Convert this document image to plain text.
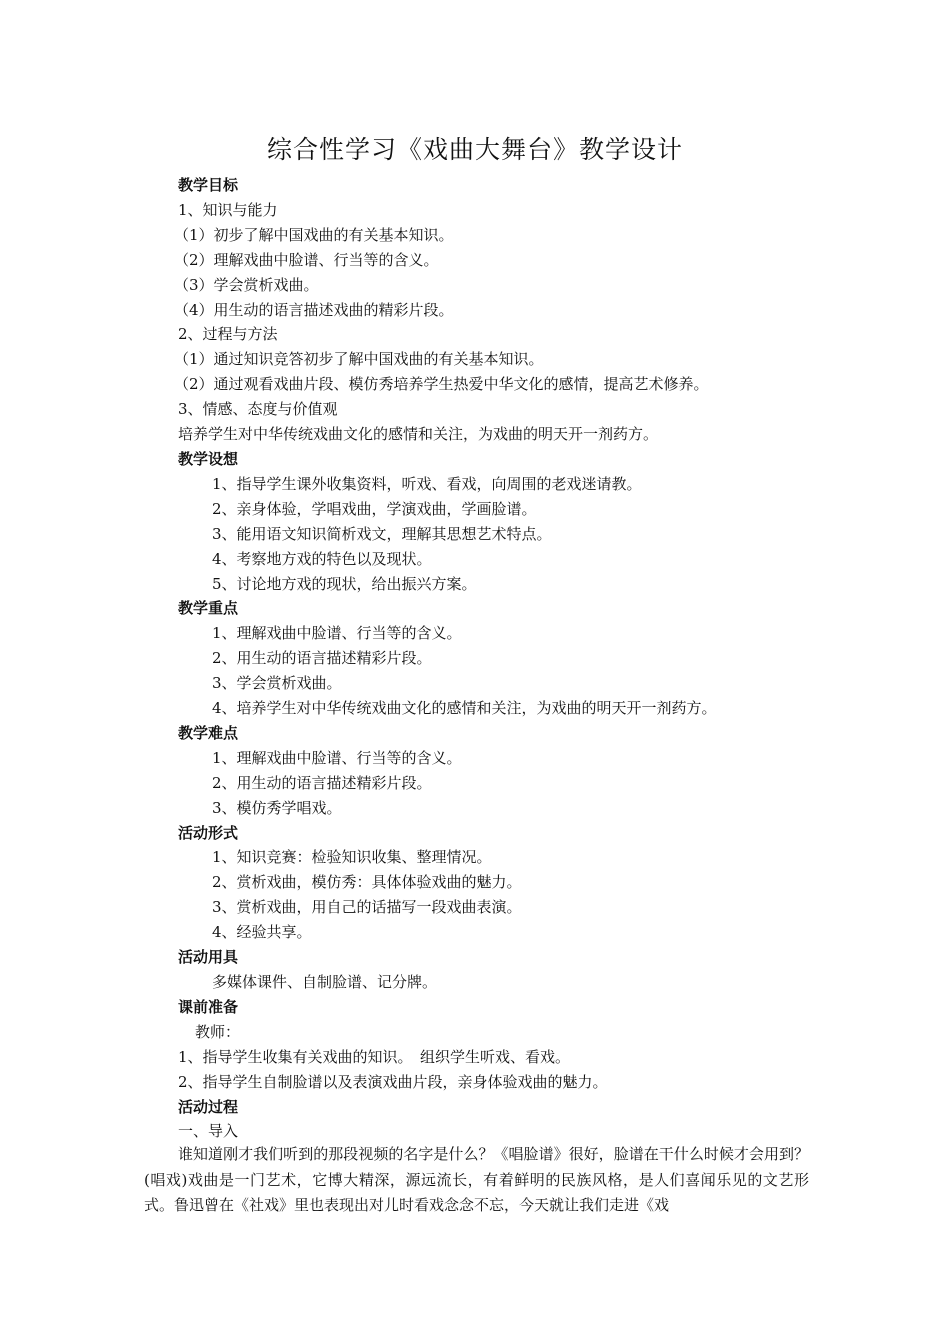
综合性学习《戏曲大舞台》教学设计

教学目标

1、知识与能力

（1）初步了解中国戏曲的有关基本知识。

（2）理解戏曲中脸谱、行当等的含义。

（3）学会赏析戏曲。

（4）用生动的语言描述戏曲的精彩片段。

2、过程与方法

（1）通过知识竞答初步了解中国戏曲的有关基本知识。

（2）通过观看戏曲片段、模仿秀培养学生热爱中华文化的感情，提高艺术修养。

3、情感、态度与价值观

培养学生对中华传统戏曲文化的感情和关注，为戏曲的明天开一剂药方。

教学设想

1、指导学生课外收集资料，听戏、看戏，向周围的老戏迷请教。

2、亲身体验，学唱戏曲，学演戏曲，学画脸谱。

3、能用语文知识简析戏文，理解其思想艺术特点。

4、考察地方戏的特色以及现状。

5、讨论地方戏的现状，给出振兴方案。

教学重点

1、理解戏曲中脸谱、行当等的含义。

2、用生动的语言描述精彩片段。

3、学会赏析戏曲。

4、培养学生对中华传统戏曲文化的感情和关注，为戏曲的明天开一剂药方。

教学难点

1、理解戏曲中脸谱、行当等的含义。

2、用生动的语言描述精彩片段。

3、模仿秀学唱戏。

活动形式

1、知识竞赛：检验知识收集、整理情况。

2、赏析戏曲，模仿秀：具体体验戏曲的魅力。

3、赏析戏曲，用自己的话描写一段戏曲表演。

4、经验共享。

活动用具

多媒体课件、自制脸谱、记分牌。

课前准备

教师：

1、指导学生收集有关戏曲的知识。　组织学生听戏、看戏。

2、指导学生自制脸谱以及表演戏曲片段，亲身体验戏曲的魅力。

活动过程

一、导入

谁知道刚才我们听到的那段视频的名字是什么？《唱脸谱》很好，脸谱在干什么时候才会用到？(唱戏)戏曲是一门艺术，它博大精深，源远流长，有着鲜明的民族风格，是人们喜闻乐见的文艺形式。鲁迅曾在《社戏》里也表现出对儿时看戏念念不忘，今天就让我们走进《戏
